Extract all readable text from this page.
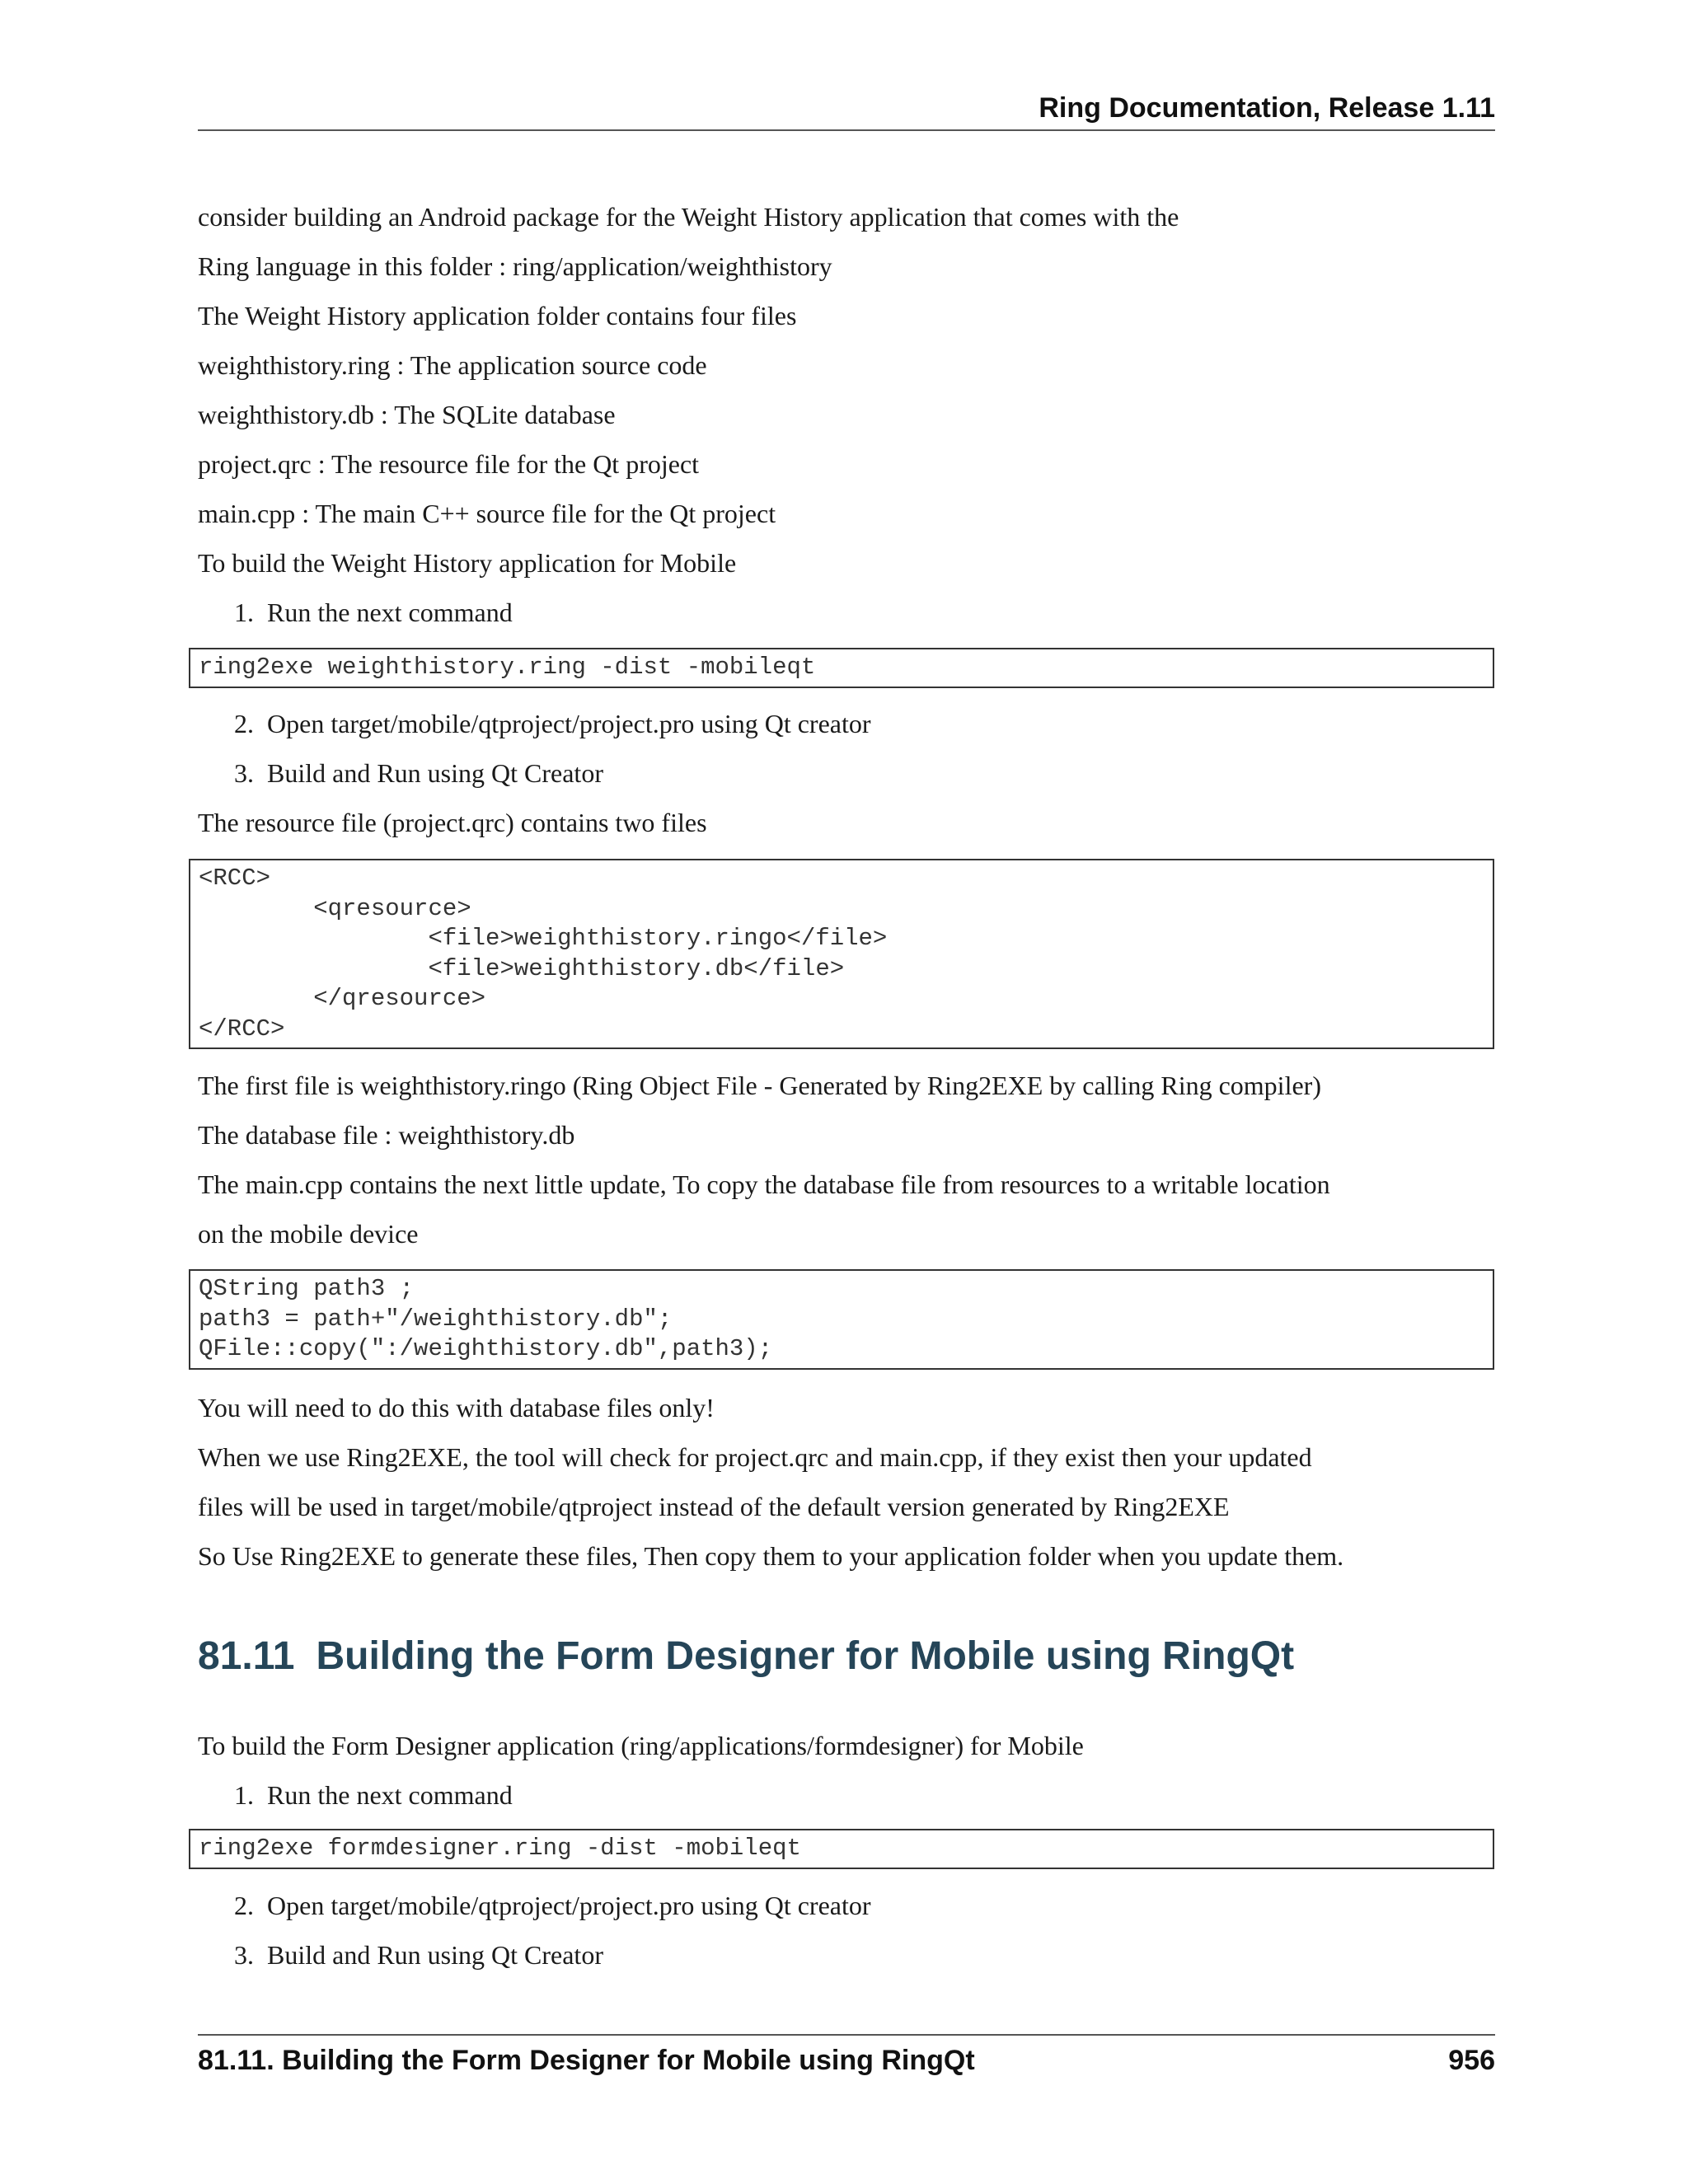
Ring Documentation, Release 1.11
consider building an Android package for the Weight History application that comes with the
Ring language in this folder : ring/application/weighthistory
The Weight History application folder contains four files
weighthistory.ring : The application source code
weighthistory.db : The SQLite database
project.qrc : The resource file for the Qt project
main.cpp : The main C++ source file for the Qt project
To build the Weight History application for Mobile
1. Run the next command
ring2exe weighthistory.ring -dist -mobileqt
2. Open target/mobile/qtproject/project.pro using Qt creator
3. Build and Run using Qt Creator
The resource file (project.qrc) contains two files
<RCC>
<qresource>
<file>weighthistory.ringo</file>
<file>weighthistory.db</file>
</qresource>
</RCC>
The first file is weighthistory.ringo (Ring Object File - Generated by Ring2EXE by calling Ring compiler)
The database file : weighthistory.db
The main.cpp contains the next little update, To copy the database file from resources to a writable location
on the mobile device
QString path3 ;
path3 = path+"/weighthistory.db";
QFile::copy(":/weighthistory.db",path3);
You will need to do this with database files only!
When we use Ring2EXE, the tool will check for project.qrc and main.cpp, if they exist then your updated
files will be used in target/mobile/qtproject instead of the default version generated by Ring2EXE
So Use Ring2EXE to generate these files, Then copy them to your application folder when you update them.
81.11 Building the Form Designer for Mobile using RingQt
To build the Form Designer application (ring/applications/formdesigner) for Mobile
1. Run the next command
ring2exe formdesigner.ring -dist -mobileqt
2. Open target/mobile/qtproject/project.pro using Qt creator
3. Build and Run using Qt Creator
81.11. Building the Form Designer for Mobile using RingQt	956
